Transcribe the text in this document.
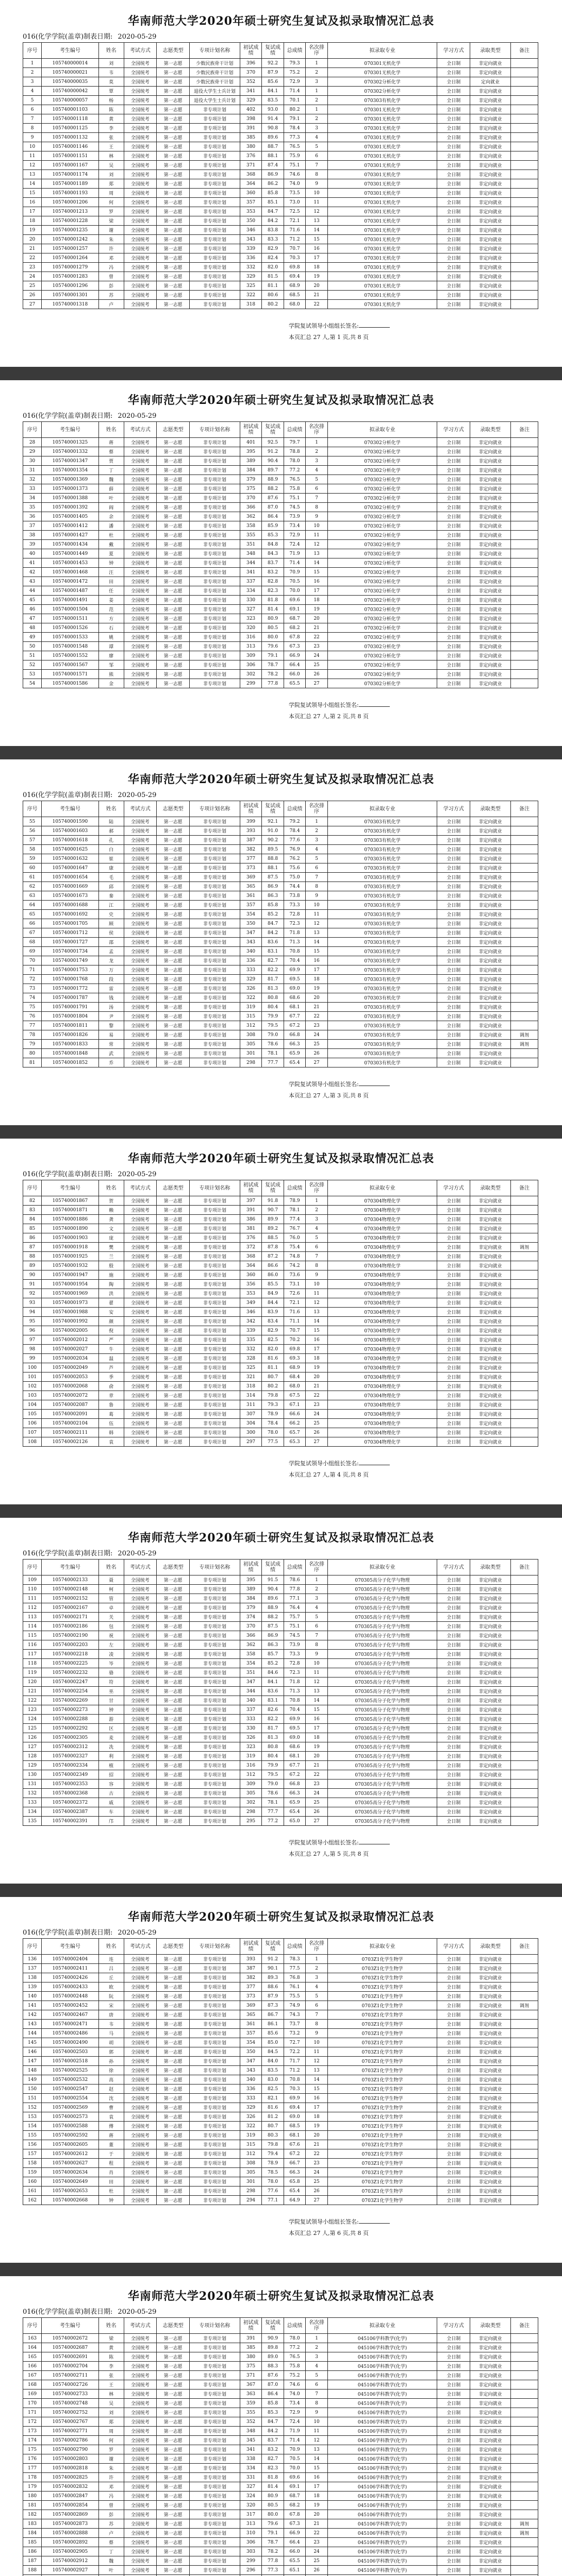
华南师范大学2020年硕士研究生复试及拟录取情况汇总表
016(化学学院(盖章)制表日期: 2020-05-29
序号	考生编号	姓名	考试方式	志愿类型	专项计划名称	初试成绩	复试成绩	总成绩	名次排序	拟录取专业	学习方式	录取类型	备注
1	105740000014	刘	全国统考	第一志愿	少数民族骨干计划	396	92.2	79.3	1	070301无机化学	全日制	非定向就业	
2	105740000021	韦	全国统考	第一志愿	少数民族骨干计划	370	87.9	75.2	2	070301无机化学	全日制	非定向就业	
3	105740000035	莫	全国统考	第一志愿	少数民族骨干计划	352	85.6	72.9	3	070302分析化学	全日制	定向就业	
4	105740000042	覃	全国统考	第一志愿	退役大学生士兵计划	341	84.1	71.4	1	070302分析化学	全日制	非定向就业	
5	105740000057	杨	全国统考	第一志愿	退役大学生士兵计划	329	83.5	70.1	2	070303有机化学	全日制	非定向就业	
6	105740001103	陈	全国统考	第一志愿	非专项计划	402	93.0	80.2	1	070301无机化学	全日制	非定向就业	
7	105740001118	黄	全国统考	第一志愿	非专项计划	398	91.4	79.1	2	070301无机化学	全日制	非定向就业	
8	105740001125	李	全国统考	第一志愿	非专项计划	391	90.8	78.4	3	070301无机化学	全日制	非定向就业	
9	105740001132	张	全国统考	第一志愿	非专项计划	385	89.6	77.3	4	070301无机化学	全日制	非定向就业	
10	105740001146	王	全国统考	第一志愿	非专项计划	380	88.7	76.5	5	070301无机化学	全日制	非定向就业	
11	105740001151	林	全国统考	第一志愿	非专项计划	376	88.1	75.9	6	070301无机化学	全日制	非定向就业	
12	105740001167	吴	全国统考	第一志愿	非专项计划	371	87.4	75.1	7	070301无机化学	全日制	非定向就业	
13	105740001174	刘	全国统考	第一志愿	非专项计划	368	86.9	74.6	8	070301无机化学	全日制	非定向就业	
14	105740001189	郑	全国统考	第一志愿	非专项计划	364	86.2	74.0	9	070301无机化学	全日制	非定向就业	
15	105740001193	周	全国统考	第一志愿	非专项计划	360	85.8	73.5	10	070301无机化学	全日制	非定向就业	
16	105740001206	何	全国统考	第一志愿	非专项计划	357	85.1	73.0	11	070301无机化学	全日制	非定向就业	
17	105740001213	罗	全国统考	第一志愿	非专项计划	353	84.7	72.5	12	070301无机化学	全日制	非定向就业	
18	105740001228	梁	全国统考	第一志愿	非专项计划	350	84.2	72.1	13	070301无机化学	全日制	非定向就业	
19	105740001235	谢	全国统考	第一志愿	非专项计划	346	83.8	71.6	14	070301无机化学	全日制	非定向就业	
20	105740001242	朱	全国统考	第一志愿	非专项计划	343	83.3	71.2	15	070301无机化学	全日制	非定向就业	
21	105740001257	许	全国统考	第一志愿	非专项计划	339	82.9	70.7	16	070301无机化学	全日制	非定向就业	
22	105740001264	邓	全国统考	第一志愿	非专项计划	336	82.4	70.3	17	070301无机化学	全日制	非定向就业	
23	105740001279	冯	全国统考	第一志愿	非专项计划	332	82.0	69.8	18	070301无机化学	全日制	非定向就业	
24	105740001283	曾	全国统考	第一志愿	非专项计划	329	81.5	69.4	19	070301无机化学	全日制	非定向就业	
25	105740001296	彭	全国统考	第一志愿	非专项计划	325	81.1	68.9	20	070301无机化学	全日制	非定向就业	
26	105740001301	苏	全国统考	第一志愿	非专项计划	322	80.6	68.5	21	070301无机化学	全日制	非定向就业	
27	105740001318	卢	全国统考	第一志愿	非专项计划	318	80.2	68.0	22	070301无机化学	全日制	非定向就业	
学院复试领导小组组长签名:
本页汇总 27 人,第 1 页,共 8 页
华南师范大学2020年硕士研究生复试及拟录取情况汇总表
016(化学学院(盖章)制表日期: 2020-05-29
序号	考生编号	姓名	考试方式	志愿类型	专项计划名称	初试成绩	复试成绩	总成绩	名次排序	拟录取专业	学习方式	录取类型	备注
28	105740001325	蒋	全国统考	第一志愿	非专项计划	401	92.5	79.7	1	070302分析化学	全日制	非定向就业	
29	105740001332	蔡	全国统考	第一志愿	非专项计划	395	91.2	78.8	2	070302分析化学	全日制	非定向就业	
30	105740001347	贾	全国统考	第一志愿	非专项计划	389	90.4	78.0	3	070302分析化学	全日制	非定向就业	
31	105740001354	丁	全国统考	第一志愿	非专项计划	384	89.7	77.2	4	070302分析化学	全日制	非定向就业	
32	105740001369	魏	全国统考	第一志愿	非专项计划	379	88.9	76.5	5	070302分析化学	全日制	非定向就业	
33	105740001373	薛	全国统考	第一志愿	非专项计划	375	88.2	75.8	6	070302分析化学	全日制	非定向就业	
34	105740001388	叶	全国统考	第一志愿	非专项计划	370	87.6	75.1	7	070302分析化学	全日制	非定向就业	
35	105740001392	阎	全国统考	第一志愿	非专项计划	366	87.0	74.5	8	070302分析化学	全日制	非定向就业	
36	105740001405	余	全国统考	第一志愿	非专项计划	362	86.4	73.9	9	070302分析化学	全日制	非定向就业	
37	105740001412	潘	全国统考	第一志愿	非专项计划	358	85.9	73.4	10	070302分析化学	全日制	非定向就业	
38	105740001427	杜	全国统考	第一志愿	非专项计划	355	85.3	72.9	11	070302分析化学	全日制	非定向就业	
39	105740001434	戴	全国统考	第一志愿	非专项计划	351	84.8	72.4	12	070302分析化学	全日制	非定向就业	
40	105740001449	夏	全国统考	第一志愿	非专项计划	348	84.3	71.9	13	070302分析化学	全日制	非定向就业	
41	105740001453	钟	全国统考	第一志愿	非专项计划	344	83.7	71.4	14	070302分析化学	全日制	非定向就业	
42	105740001468	汪	全国统考	第一志愿	非专项计划	341	83.2	70.9	15	070302分析化学	全日制	非定向就业	
43	105740001472	田	全国统考	第一志愿	非专项计划	337	82.8	70.5	16	070302分析化学	全日制	非定向就业	
44	105740001487	任	全国统考	第一志愿	非专项计划	334	82.3	70.0	17	070302分析化学	全日制	非定向就业	
45	105740001491	姜	全国统考	第一志愿	非专项计划	330	81.8	69.6	18	070302分析化学	全日制	非定向就业	
46	105740001504	范	全国统考	第一志愿	非专项计划	327	81.4	69.1	19	070302分析化学	全日制	非定向就业	
47	105740001511	方	全国统考	第一志愿	非专项计划	323	80.9	68.7	20	070302分析化学	全日制	非定向就业	
48	105740001526	石	全国统考	第一志愿	非专项计划	320	80.5	68.2	21	070302分析化学	全日制	非定向就业	
49	105740001533	姚	全国统考	第一志愿	非专项计划	316	80.0	67.8	22	070302分析化学	全日制	非定向就业	
50	105740001548	谭	全国统考	第一志愿	非专项计划	313	79.6	67.3	23	070302分析化学	全日制	非定向就业	
51	105740001552	廖	全国统考	第一志愿	非专项计划	309	79.1	66.9	24	070302分析化学	全日制	非定向就业	
52	105740001567	邹	全国统考	第一志愿	非专项计划	306	78.7	66.4	25	070302分析化学	全日制	非定向就业	
53	105740001571	熊	全国统考	第一志愿	非专项计划	302	78.2	66.0	26	070302分析化学	全日制	非定向就业	
54	105740001586	金	全国统考	第一志愿	非专项计划	299	77.8	65.5	27	070302分析化学	全日制	非定向就业	
学院复试领导小组组长签名:
本页汇总 27 人,第 2 页,共 8 页
华南师范大学2020年硕士研究生复试及拟录取情况汇总表
016(化学学院(盖章)制表日期: 2020-05-29
序号	考生编号	姓名	考试方式	志愿类型	专项计划名称	初试成绩	复试成绩	总成绩	名次排序	拟录取专业	学习方式	录取类型	备注
55	105740001590	陆	全国统考	第一志愿	非专项计划	399	92.1	79.2	1	070303有机化学	全日制	非定向就业	
56	105740001603	郝	全国统考	第一志愿	非专项计划	393	91.0	78.4	2	070303有机化学	全日制	非定向就业	
57	105740001618	孔	全国统考	第一志愿	非专项计划	387	90.2	77.6	3	070303有机化学	全日制	非定向就业	
58	105740001625	白	全国统考	第一志愿	非专项计划	382	89.5	76.9	4	070303有机化学	全日制	非定向就业	
59	105740001632	崔	全国统考	第一志愿	非专项计划	377	88.8	76.2	5	070303有机化学	全日制	非定向就业	
60	105740001647	康	全国统考	第一志愿	非专项计划	373	88.1	75.6	6	070303有机化学	全日制	非定向就业	
61	105740001654	毛	全国统考	第一志愿	非专项计划	369	87.5	75.0	7	070303有机化学	全日制	非定向就业	
62	105740001669	邱	全国统考	第一志愿	非专项计划	365	86.9	74.4	8	070303有机化学	全日制	非定向就业	
63	105740001673	秦	全国统考	第一志愿	非专项计划	361	86.3	73.8	9	070303有机化学	全日制	非定向就业	
64	105740001688	江	全国统考	第一志愿	非专项计划	357	85.8	73.3	10	070303有机化学	全日制	非定向就业	
65	105740001692	史	全国统考	第一志愿	非专项计划	354	85.2	72.8	11	070303有机化学	全日制	非定向就业	
66	105740001705	顾	全国统考	第一志愿	非专项计划	350	84.7	72.3	12	070303有机化学	全日制	非定向就业	
67	105740001712	侯	全国统考	第一志愿	非专项计划	347	84.2	71.8	13	070303有机化学	全日制	非定向就业	
68	105740001727	邵	全国统考	第一志愿	非专项计划	343	83.6	71.3	14	070303有机化学	全日制	非定向就业	
69	105740001734	孟	全国统考	第一志愿	非专项计划	340	83.1	70.8	15	070303有机化学	全日制	非定向就业	
70	105740001749	龙	全国统考	第一志愿	非专项计划	336	82.7	70.4	16	070303有机化学	全日制	非定向就业	
71	105740001753	万	全国统考	第一志愿	非专项计划	333	82.2	69.9	17	070303有机化学	全日制	非定向就业	
72	105740001768	段	全国统考	第一志愿	非专项计划	329	81.7	69.5	18	070303有机化学	全日制	非定向就业	
73	105740001772	雷	全国统考	第一志愿	非专项计划	326	81.3	69.0	19	070303有机化学	全日制	非定向就业	
74	105740001787	钱	全国统考	第一志愿	非专项计划	322	80.8	68.6	20	070303有机化学	全日制	非定向就业	
75	105740001791	汤	全国统考	第一志愿	非专项计划	319	80.4	68.1	21	070303有机化学	全日制	非定向就业	
76	105740001804	尹	全国统考	第一志愿	非专项计划	315	79.9	67.7	22	070303有机化学	全日制	非定向就业	
77	105740001811	黎	全国统考	第一志愿	非专项计划	312	79.5	67.2	23	070303有机化学	全日制	非定向就业	
78	105740001826	易	全国统考	第一志愿	非专项计划	308	79.0	66.8	24	070303有机化学	全日制	非定向就业	调剂
79	105740001833	常	全国统考	第一志愿	非专项计划	305	78.6	66.3	25	070303有机化学	全日制	非定向就业	调剂
80	105740001848	武	全国统考	第一志愿	非专项计划	301	78.1	65.9	26	070303有机化学	全日制	非定向就业	
81	105740001852	乔	全国统考	第一志愿	非专项计划	298	77.7	65.4	27	070303有机化学	全日制	非定向就业	
学院复试领导小组组长签名:
本页汇总 27 人,第 3 页,共 8 页
华南师范大学2020年硕士研究生复试及拟录取情况汇总表
016(化学学院(盖章)制表日期: 2020-05-29
序号	考生编号	姓名	考试方式	志愿类型	专项计划名称	初试成绩	复试成绩	总成绩	名次排序	拟录取专业	学习方式	录取类型	备注
82	105740001867	贺	全国统考	第一志愿	非专项计划	397	91.8	78.9	1	070304物理化学	全日制	非定向就业	
83	105740001871	赖	全国统考	第一志愿	非专项计划	391	90.7	78.1	2	070304物理化学	全日制	非定向就业	
84	105740001886	龚	全国统考	第一志愿	非专项计划	386	89.9	77.4	3	070304物理化学	全日制	非定向就业	
85	105740001890	文	全国统考	第一志愿	非专项计划	381	89.2	76.7	4	070304物理化学	全日制	非定向就业	
86	105740001903	庞	全国统考	第一志愿	非专项计划	376	88.5	76.0	5	070304物理化学	全日制	非定向就业	
87	105740001918	樊	全国统考	第一志愿	非专项计划	372	87.8	75.4	6	070304物理化学	全日制	非定向就业	调剂
88	105740001925	兰	全国统考	第一志愿	非专项计划	368	87.2	74.8	7	070304物理化学	全日制	非定向就业	
89	105740001932	殷	全国统考	第一志愿	非专项计划	364	86.6	74.2	8	070304物理化学	全日制	非定向就业	
90	105740001947	施	全国统考	第一志愿	非专项计划	360	86.0	73.6	9	070304物理化学	全日制	非定向就业	
91	105740001954	陶	全国统考	第一志愿	非专项计划	356	85.5	73.1	10	070304物理化学	全日制	非定向就业	
92	105740001969	洪	全国统考	第一志愿	非专项计划	353	84.9	72.6	11	070304物理化学	全日制	非定向就业	
93	105740001973	翟	全国统考	第一志愿	非专项计划	349	84.4	72.1	12	070304物理化学	全日制	非定向就业	
94	105740001988	安	全国统考	第一志愿	非专项计划	346	83.9	71.6	13	070304物理化学	全日制	非定向就业	
95	105740001992	颜	全国统考	第一志愿	非专项计划	342	83.4	71.1	14	070304物理化学	全日制	非定向就业	
96	105740002005	倪	全国统考	第一志愿	非专项计划	339	82.9	70.7	15	070304物理化学	全日制	非定向就业	
97	105740002012	严	全国统考	第一志愿	非专项计划	335	82.5	70.2	16	070304物理化学	全日制	非定向就业	
98	105740002027	牛	全国统考	第一志愿	非专项计划	332	82.0	69.8	17	070304物理化学	全日制	非定向就业	
99	105740002034	温	全国统考	第一志愿	非专项计划	328	81.6	69.3	18	070304物理化学	全日制	非定向就业	
100	105740002049	芦	全国统考	第一志愿	非专项计划	325	81.1	68.9	19	070304物理化学	全日制	非定向就业	
101	105740002053	季	全国统考	第一志愿	非专项计划	321	80.7	68.4	20	070304物理化学	全日制	非定向就业	
102	105740002068	俞	全国统考	第一志愿	非专项计划	318	80.2	68.0	21	070304物理化学	全日制	非定向就业	
103	105740002072	章	全国统考	第一志愿	非专项计划	314	79.8	67.5	22	070304物理化学	全日制	非定向就业	
104	105740002087	鲁	全国统考	第一志愿	非专项计划	311	79.3	67.1	23	070304物理化学	全日制	非定向就业	
105	105740002091	葛	全国统考	第一志愿	非专项计划	307	78.9	66.6	24	070304物理化学	全日制	非定向就业	
106	105740002104	伍	全国统考	第一志愿	非专项计划	304	78.4	66.2	25	070304物理化学	全日制	非定向就业	
107	105740002111	韩	全国统考	第一志愿	非专项计划	300	78.0	65.7	26	070304物理化学	全日制	非定向就业	
108	105740002126	袁	全国统考	第一志愿	非专项计划	297	77.5	65.3	27	070304物理化学	全日制	非定向就业	
学院复试领导小组组长签名:
本页汇总 27 人,第 4 页,共 8 页
华南师范大学2020年硕士研究生复试及拟录取情况汇总表
016(化学学院(盖章)制表日期: 2020-05-29
序号	考生编号	姓名	考试方式	志愿类型	专项计划名称	初试成绩	复试成绩	总成绩	名次排序	拟录取专业	学习方式	录取类型	备注
109	105740002133	聂	全国统考	第一志愿	非专项计划	395	91.5	78.6	1	070305高分子化学与物理	全日制	非定向就业	
110	105740002148	柯	全国统考	第一志愿	非专项计划	389	90.4	77.8	2	070305高分子化学与物理	全日制	非定向就业	
111	105740002152	管	全国统考	第一志愿	非专项计划	384	89.6	77.1	3	070305高分子化学与物理	全日制	非定向就业	
112	105740002167	卓	全国统考	第一志愿	非专项计划	379	88.9	76.4	4	070305高分子化学与物理	全日制	非定向就业	
113	105740002171	关	全国统考	第一志愿	非专项计划	374	88.2	75.7	5	070305高分子化学与物理	全日制	非定向就业	
114	105740002186	包	全国统考	第一志愿	非专项计划	370	87.5	75.1	6	070305高分子化学与物理	全日制	非定向就业	
115	105740002190	祝	全国统考	第一志愿	非专项计划	366	86.9	74.5	7	070305高分子化学与物理	全日制	非定向就业	
116	105740002203	左	全国统考	第一志愿	非专项计划	362	86.3	73.9	8	070305高分子化学与物理	全日制	非定向就业	
117	105740002218	凌	全国统考	第一志愿	非专项计划	358	85.7	73.3	9	070305高分子化学与物理	全日制	非定向就业	
118	105740002225	岑	全国统考	第一志愿	非专项计划	354	85.2	72.8	10	070305高分子化学与物理	全日制	非定向就业	
119	105740002232	骆	全国统考	第一志愿	非专项计划	351	84.6	72.3	11	070305高分子化学与物理	全日制	非定向就业	
120	105740002247	符	全国统考	第一志愿	非专项计划	347	84.1	71.8	12	070305高分子化学与物理	全日制	非定向就业	
121	105740002254	巫	全国统考	第一志愿	非专项计划	344	83.6	71.3	13	070305高分子化学与物理	全日制	非定向就业	
122	105740002269	甘	全国统考	第一志愿	非专项计划	340	83.1	70.8	14	070305高分子化学与物理	全日制	非定向就业	
123	105740002273	钟	全国统考	第一志愿	非专项计划	337	82.6	70.4	15	070305高分子化学与物理	全日制	非定向就业	
124	105740002288	游	全国统考	第一志愿	非专项计划	333	82.2	69.9	16	070305高分子化学与物理	全日制	非定向就业	
125	105740002292	区	全国统考	第一志愿	非专项计划	330	81.7	69.5	17	070305高分子化学与物理	全日制	非定向就业	
126	105740002305	麦	全国统考	第一志愿	非专项计划	326	81.3	69.0	18	070305高分子化学与物理	全日制	非定向就业	
127	105740002312	冼	全国统考	第一志愿	非专项计划	323	80.8	68.6	19	070305高分子化学与物理	全日制	非定向就业	
128	105740002327	利	全国统考	第一志愿	非专项计划	319	80.4	68.1	20	070305高分子化学与物理	全日制	非定向就业	
129	105740002334	植	全国统考	第一志愿	非专项计划	316	79.9	67.7	21	070305高分子化学与物理	全日制	非定向就业	
130	105740002349	招	全国统考	第一志愿	非专项计划	312	79.5	67.2	22	070305高分子化学与物理	全日制	非定向就业	
131	105740002353	容	全国统考	第一志愿	非专项计划	309	79.0	66.8	23	070305高分子化学与物理	全日制	非定向就业	
132	105740002368	古	全国统考	第一志愿	非专项计划	305	78.6	66.3	24	070305高分子化学与物理	全日制	非定向就业	
133	105740002372	戚	全国统考	第一志愿	非专项计划	302	78.1	65.9	25	070305高分子化学与物理	全日制	非定向就业	
134	105740002387	车	全国统考	第一志愿	非专项计划	298	77.7	65.4	26	070305高分子化学与物理	全日制	非定向就业	
135	105740002391	邝	全国统考	第一志愿	非专项计划	295	77.2	65.0	27	070305高分子化学与物理	全日制	非定向就业	
学院复试领导小组组长签名:
本页汇总 27 人,第 5 页,共 8 页
华南师范大学2020年硕士研究生复试及拟录取情况汇总表
016(化学学院(盖章)制表日期: 2020-05-29
序号	考生编号	姓名	考试方式	志愿类型	专项计划名称	初试成绩	复试成绩	总成绩	名次排序	拟录取专业	学习方式	录取类型	备注
136	105740002404	连	全国统考	第一志愿	非专项计划	393	91.2	78.3	1	0703Z1化学生物学	全日制	非定向就业	
137	105740002411	吕	全国统考	第一志愿	非专项计划	387	90.1	77.5	2	0703Z1化学生物学	全日制	非定向就业	
138	105740002426	丘	全国统考	第一志愿	非专项计划	382	89.3	76.8	3	0703Z1化学生物学	全日制	非定向就业	
139	105740002433	欧	全国统考	第一志愿	非专项计划	377	88.6	76.1	4	0703Z1化学生物学	全日制	非定向就业	
140	105740002448	阮	全国统考	第一志愿	非专项计划	373	87.9	75.5	5	0703Z1化学生物学	全日制	非定向就业	
141	105740002452	宋	全国统考	第一志愿	非专项计划	369	87.3	74.9	6	0703Z1化学生物学	全日制	非定向就业	调剂
142	105740002467	唐	全国统考	第一志愿	非专项计划	365	86.7	74.3	7	0703Z1化学生物学	全日制	非定向就业	
143	105740002471	韦	全国统考	第一志愿	非专项计划	361	86.1	73.7	8	0703Z1化学生物学	全日制	非定向就业	
144	105740002486	马	全国统考	第一志愿	非专项计划	357	85.6	73.2	9	0703Z1化学生物学	全日制	非定向就业	
145	105740002490	胡	全国统考	第一志愿	非专项计划	354	85.0	72.7	10	0703Z1化学生物学	全日制	非定向就业	
146	105740002503	郭	全国统考	第一志愿	非专项计划	350	84.5	72.2	11	0703Z1化学生物学	全日制	非定向就业	
147	105740002518	孙	全国统考	第一志愿	非专项计划	347	84.0	71.7	12	0703Z1化学生物学	全日制	非定向就业	
148	105740002525	徐	全国统考	第一志愿	非专项计划	343	83.5	71.2	13	0703Z1化学生物学	全日制	非定向就业	
149	105740002532	高	全国统考	第一志愿	非专项计划	340	83.0	70.8	14	0703Z1化学生物学	全日制	非定向就业	
150	105740002547	赵	全国统考	第一志愿	非专项计划	336	82.5	70.3	15	0703Z1化学生物学	全日制	非定向就业	
151	105740002554	沈	全国统考	第一志愿	非专项计划	333	82.1	69.9	16	0703Z1化学生物学	全日制	非定向就业	
152	105740002569	曹	全国统考	第一志愿	非专项计划	329	81.6	69.4	17	0703Z1化学生物学	全日制	非定向就业	
153	105740002573	袁	全国统考	第一志愿	非专项计划	326	81.2	69.0	18	0703Z1化学生物学	全日制	非定向就业	
154	105740002588	傅	全国统考	第一志愿	非专项计划	322	80.7	68.5	19	0703Z1化学生物学	全日制	非定向就业	
155	105740002592	蒋	全国统考	第一志愿	非专项计划	319	80.3	68.1	20	0703Z1化学生物学	全日制	非定向就业	
156	105740002605	董	全国统考	第一志愿	非专项计划	315	79.8	67.6	21	0703Z1化学生物学	全日制	非定向就业	
157	105740002612	于	全国统考	第一志愿	非专项计划	312	79.4	67.2	22	0703Z1化学生物学	全日制	非定向就业	
158	105740002627	程	全国统考	第一志愿	非专项计划	308	78.9	66.7	23	0703Z1化学生物学	全日制	非定向就业	
159	105740002634	肖	全国统考	第一志愿	非专项计划	305	78.5	66.3	24	0703Z1化学生物学	全日制	非定向就业	
160	105740002649	田	全国统考	第一志愿	非专项计划	301	78.0	65.8	25	0703Z1化学生物学	全日制	非定向就业	
161	105740002653	杜	全国统考	第一志愿	非专项计划	298	77.6	65.4	26	0703Z1化学生物学	全日制	非定向就业	
162	105740002668	钟	全国统考	第一志愿	非专项计划	294	77.1	64.9	27	0703Z1化学生物学	全日制	非定向就业	
学院复试领导小组组长签名:
本页汇总 27 人,第 6 页,共 8 页
华南师范大学2020年硕士研究生复试及拟录取情况汇总表
016(化学学院(盖章)制表日期: 2020-05-29
序号	考生编号	姓名	考试方式	志愿类型	专项计划名称	初试成绩	复试成绩	总成绩	名次排序	拟录取专业	学习方式	录取类型	备注
163	105740002672	梁	全国统考	第一志愿	非专项计划	391	90.9	78.0	1	045106学科教学(化学)	全日制	非定向就业	
164	105740002687	黄	全国统考	第一志愿	非专项计划	385	89.8	77.2	2	045106学科教学(化学)	全日制	非定向就业	
165	105740002691	陈	全国统考	第一志愿	非专项计划	380	89.0	76.5	3	045106学科教学(化学)	全日制	非定向就业	
166	105740002704	李	全国统考	第一志愿	非专项计划	375	88.3	75.8	4	045106学科教学(化学)	全日制	非定向就业	
167	105740002711	张	全国统考	第一志愿	非专项计划	371	87.6	75.2	5	045106学科教学(化学)	全日制	非定向就业	
168	105740002726	王	全国统考	第一志愿	非专项计划	367	87.0	74.6	6	045106学科教学(化学)	全日制	非定向就业	
169	105740002733	林	全国统考	第一志愿	非专项计划	363	86.4	74.0	7	045106学科教学(化学)	全日制	非定向就业	
170	105740002748	吴	全国统考	第一志愿	非专项计划	359	85.8	73.4	8	045106学科教学(化学)	全日制	非定向就业	
171	105740002752	刘	全国统考	第一志愿	非专项计划	355	85.3	72.9	9	045106学科教学(化学)	全日制	非定向就业	
172	105740002767	郑	全国统考	第一志愿	非专项计划	352	84.7	72.4	10	045106学科教学(化学)	全日制	非定向就业	
173	105740002771	周	全国统考	第一志愿	非专项计划	348	84.2	71.9	11	045106学科教学(化学)	全日制	非定向就业	
174	105740002786	何	全国统考	第一志愿	非专项计划	345	83.7	71.4	12	045106学科教学(化学)	全日制	非定向就业	
175	105740002790	罗	全国统考	第一志愿	非专项计划	341	83.2	70.9	13	045106学科教学(化学)	全日制	非定向就业	
176	105740002803	谢	全国统考	第一志愿	非专项计划	338	82.7	70.5	14	045106学科教学(化学)	全日制	非定向就业	
177	105740002818	朱	全国统考	第一志愿	非专项计划	334	82.3	70.0	15	045106学科教学(化学)	全日制	非定向就业	
178	105740002825	许	全国统考	第一志愿	非专项计划	331	81.8	69.6	16	045106学科教学(化学)	全日制	非定向就业	
179	105740002832	邓	全国统考	第一志愿	非专项计划	327	81.4	69.1	17	045106学科教学(化学)	全日制	非定向就业	
180	105740002847	冯	全国统考	第一志愿	非专项计划	324	80.9	68.7	18	045106学科教学(化学)	全日制	非定向就业	
181	105740002854	曾	全国统考	第一志愿	非专项计划	320	80.5	68.2	19	045106学科教学(化学)	全日制	非定向就业	
182	105740002869	彭	全国统考	第一志愿	非专项计划	317	80.0	67.8	20	045106学科教学(化学)	全日制	非定向就业	
183	105740002873	苏	全国统考	第一志愿	非专项计划	313	79.6	67.3	21	045106学科教学(化学)	全日制	非定向就业	调剂
184	105740002888	卢	全国统考	第一志愿	非专项计划	310	79.1	66.9	22	045106学科教学(化学)	全日制	非定向就业	调剂
185	105740002892	蔡	全国统考	第一志愿	非专项计划	306	78.7	66.4	23	045106学科教学(化学)	全日制	非定向就业	
186	105740002905	丁	全国统考	第一志愿	非专项计划	303	78.2	66.0	24	045106学科教学(化学)	全日制	非定向就业	
187	105740002912	魏	全国统考	第一志愿	非专项计划	299	77.8	65.5	25	045106学科教学(化学)	全日制	非定向就业	
188	105740002927	叶	全国统考	第一志愿	非专项计划	296	77.3	65.1	26	045106学科教学(化学)	全日制	非定向就业	
